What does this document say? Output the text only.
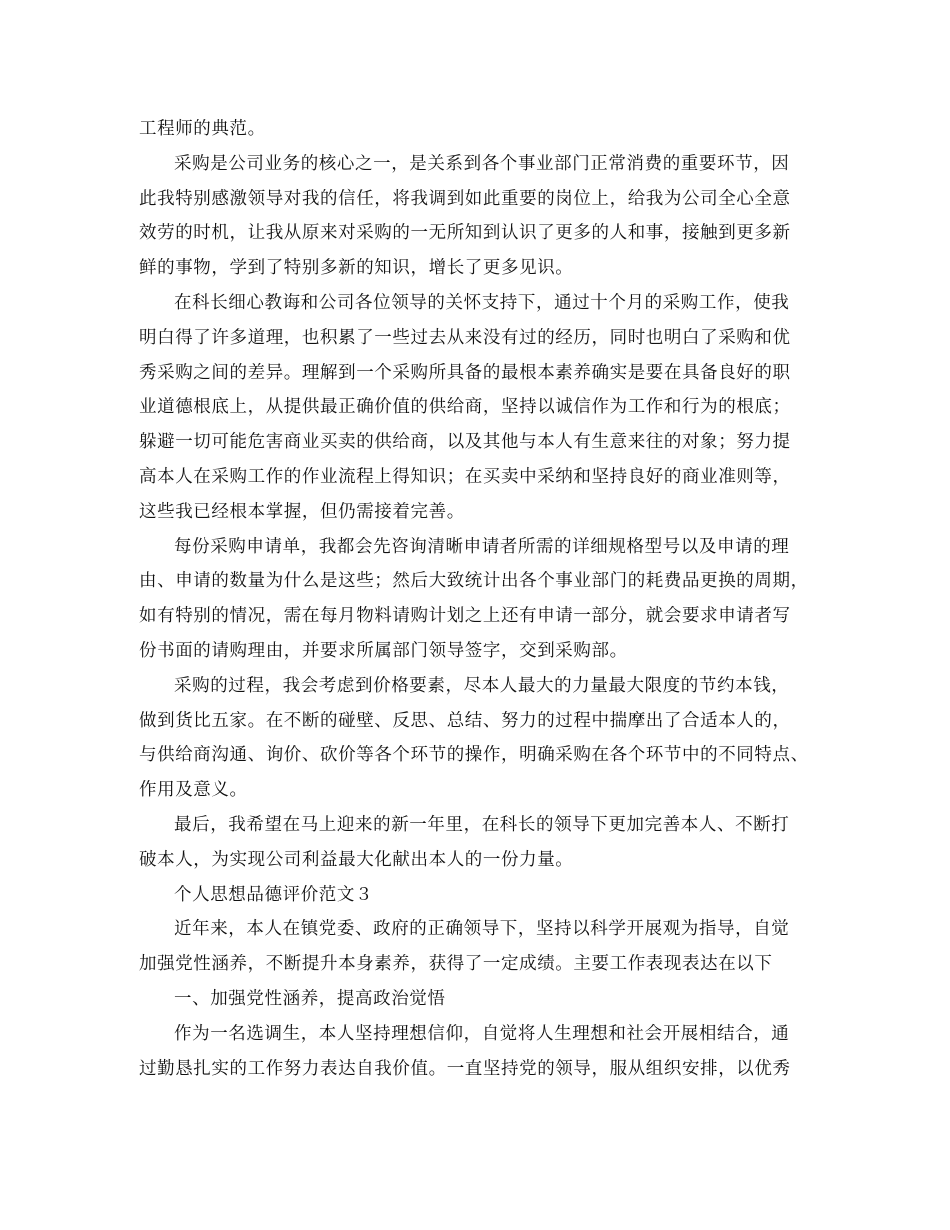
工程师的典范。
采购是公司业务的核心之一，是关系到各个事业部门正常消费的重要环节，因
此我特别感激领导对我的信任，将我调到如此重要的岗位上，给我为公司全心全意
效劳的时机，让我从原来对采购的一无所知到认识了更多的人和事，接触到更多新
鲜的事物，学到了特别多新的知识，增长了更多见识。
在科长细心教诲和公司各位领导的关怀支持下，通过十个月的采购工作，使我
明白得了许多道理，也积累了一些过去从来没有过的经历，同时也明白了采购和优
秀采购之间的差异。理解到一个采购所具备的最根本素养确实是要在具备良好的职
业道德根底上，从提供最正确价值的供给商，坚持以诚信作为工作和行为的根底；
躲避一切可能危害商业买卖的供给商，以及其他与本人有生意来往的对象；努力提
高本人在采购工作的作业流程上得知识；在买卖中采纳和坚持良好的商业准则等，
这些我已经根本掌握，但仍需接着完善。
每份采购申请单，我都会先咨询清晰申请者所需的详细规格型号以及申请的理
由、申请的数量为什么是这些；然后大致统计出各个事业部门的耗费品更换的周期，
如有特别的情况，需在每月物料请购计划之上还有申请一部分，就会要求申请者写
份书面的请购理由，并要求所属部门领导签字，交到采购部。
采购的过程，我会考虑到价格要素，尽本人最大的力量最大限度的节约本钱，
做到货比五家。在不断的碰壁、反思、总结、努力的过程中揣摩出了合适本人的，
与供给商沟通、询价、砍价等各个环节的操作，明确采购在各个环节中的不同特点、
作用及意义。
最后，我希望在马上迎来的新一年里，在科长的领导下更加完善本人、不断打
破本人，为实现公司利益最大化献出本人的一份力量。
个人思想品德评价范文３
近年来，本人在镇党委、政府的正确领导下，坚持以科学开展观为指导，自觉
加强党性涵养，不断提升本身素养，获得了一定成绩。主要工作表现表达在以下
一、加强党性涵养，提高政治觉悟
作为一名选调生，本人坚持理想信仰，自觉将人生理想和社会开展相结合，通
过勤恳扎实的工作努力表达自我价值。一直坚持党的领导，服从组织安排，以优秀
